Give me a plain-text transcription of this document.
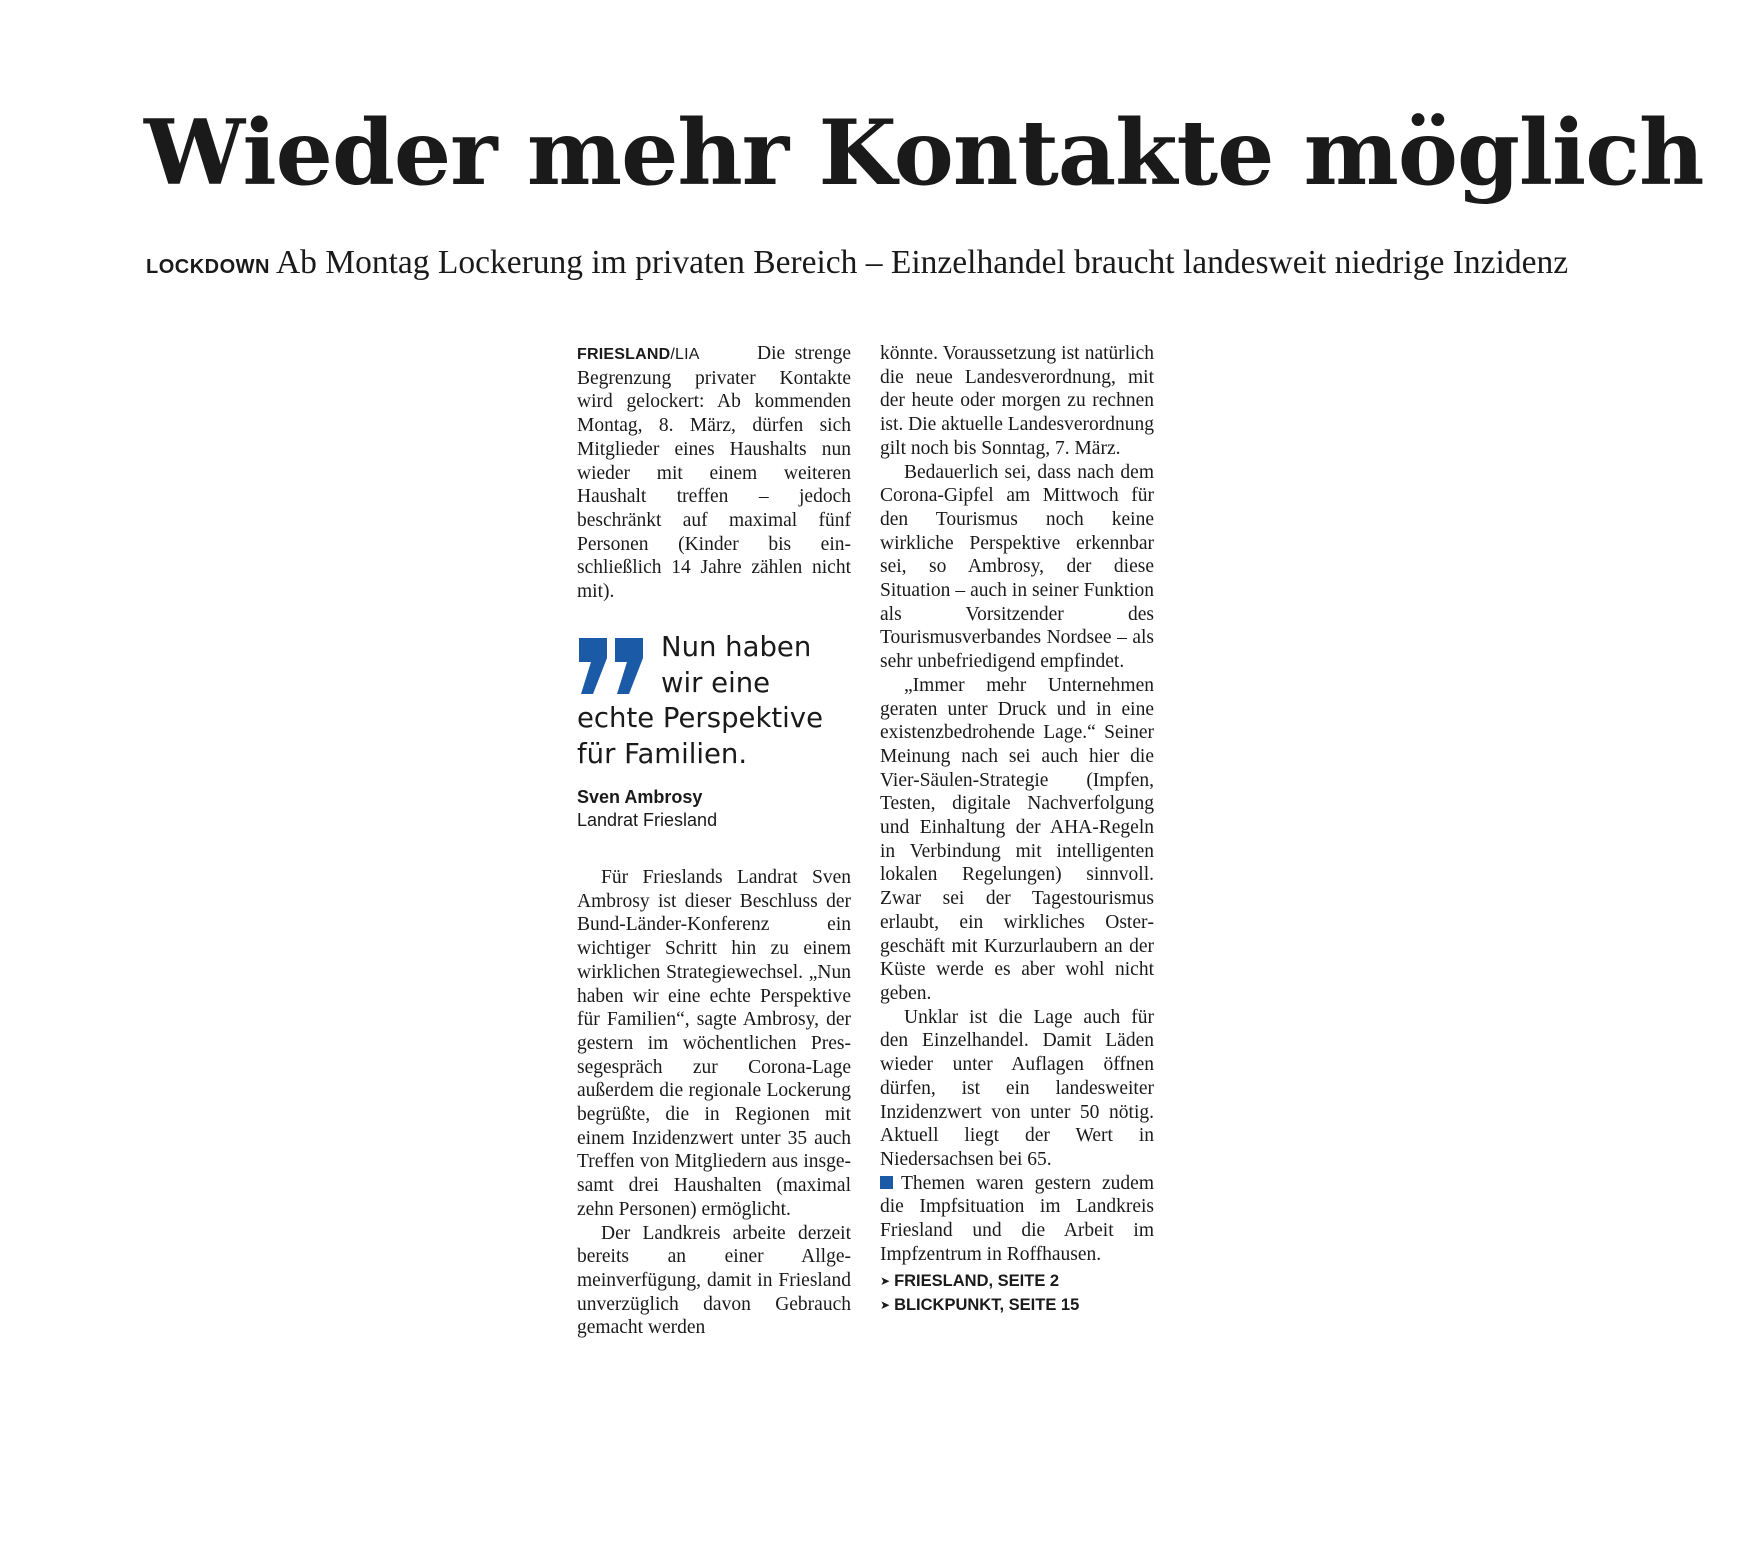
Wieder mehr Kontakte möglich

LOCKDOWN Ab Montag Lockerung im privaten Bereich – Einzelhandel braucht landesweit niedrige Inzidenz

FRIESLAND/LIA	Die strenge Begrenzung privater Kontakte wird gelockert: Ab kommenden Montag, 8. März, dürfen sich Mitglieder eines Haushalts nun wieder mit einem weiteren Haushalt treffen – jedoch beschränkt auf maximal fünf Personen (Kinder bis einschließlich 14 Jahre zählen nicht mit).

Nun haben
wir eine
echte Perspektive
für Familien.

Sven Ambrosy

Landrat Friesland

Für Frieslands Landrat Sven Ambrosy ist dieser Beschluss der Bund-Länder-Konferenz ein wichtiger Schritt hin zu einem wirklichen Strategiewechsel. „Nun haben wir eine echte Perspektive für Familien“, sagte Ambrosy, der gestern im wöchentlichen Pressegespräch zur Corona-Lage außerdem die regionale Lockerung begrüßte, die in Regionen mit einem Inzidenzwert unter 35 auch Treffen von Mitgliedern aus insgesamt drei Haushalten (maximal zehn Personen) ermöglicht.

Der Landkreis arbeite derzeit bereits an einer Allgemeinverfügung, damit in Friesland unverzüglich davon Gebrauch gemacht werden

könnte. Voraussetzung ist natürlich die neue Landesverordnung, mit der heute oder morgen zu rechnen ist. Die aktuelle Landesverordnung gilt noch bis Sonntag, 7. März.

Bedauerlich sei, dass nach dem Corona-Gipfel am Mittwoch für den Tourismus noch keine wirkliche Perspektive erkennbar sei, so Ambrosy, der diese Situation – auch in seiner Funktion als Vorsitzender des Tourismusverbandes Nordsee – als sehr unbefriedigend empfindet.

„Immer mehr Unternehmen geraten unter Druck und in eine existenzbedrohende Lage.“ Seiner Meinung nach sei auch hier die Vier-Säulen-Strategie (Impfen, Testen, digitale Nachverfolgung und Einhaltung der AHA-Regeln in Verbindung mit intelligenten lokalen Regelungen) sinnvoll. Zwar sei der Tagestourismus erlaubt, ein wirkliches Ostergeschäft mit Kurzurlaubern an der Küste werde es aber wohl nicht geben.

Unklar ist die Lage auch für den Einzelhandel. Damit Läden wieder unter Auflagen öffnen dürfen, ist ein landesweiter Inzidenzwert von unter 50 nötig. Aktuell liegt der Wert in Niedersachsen bei 65.

Themen waren gestern zudem die Impfsituation im Landkreis Friesland und die Arbeit im Impfzentrum in Roffhausen.

➤ FRIESLAND, SEITE 2
➤ BLICKPUNKT, SEITE 15
